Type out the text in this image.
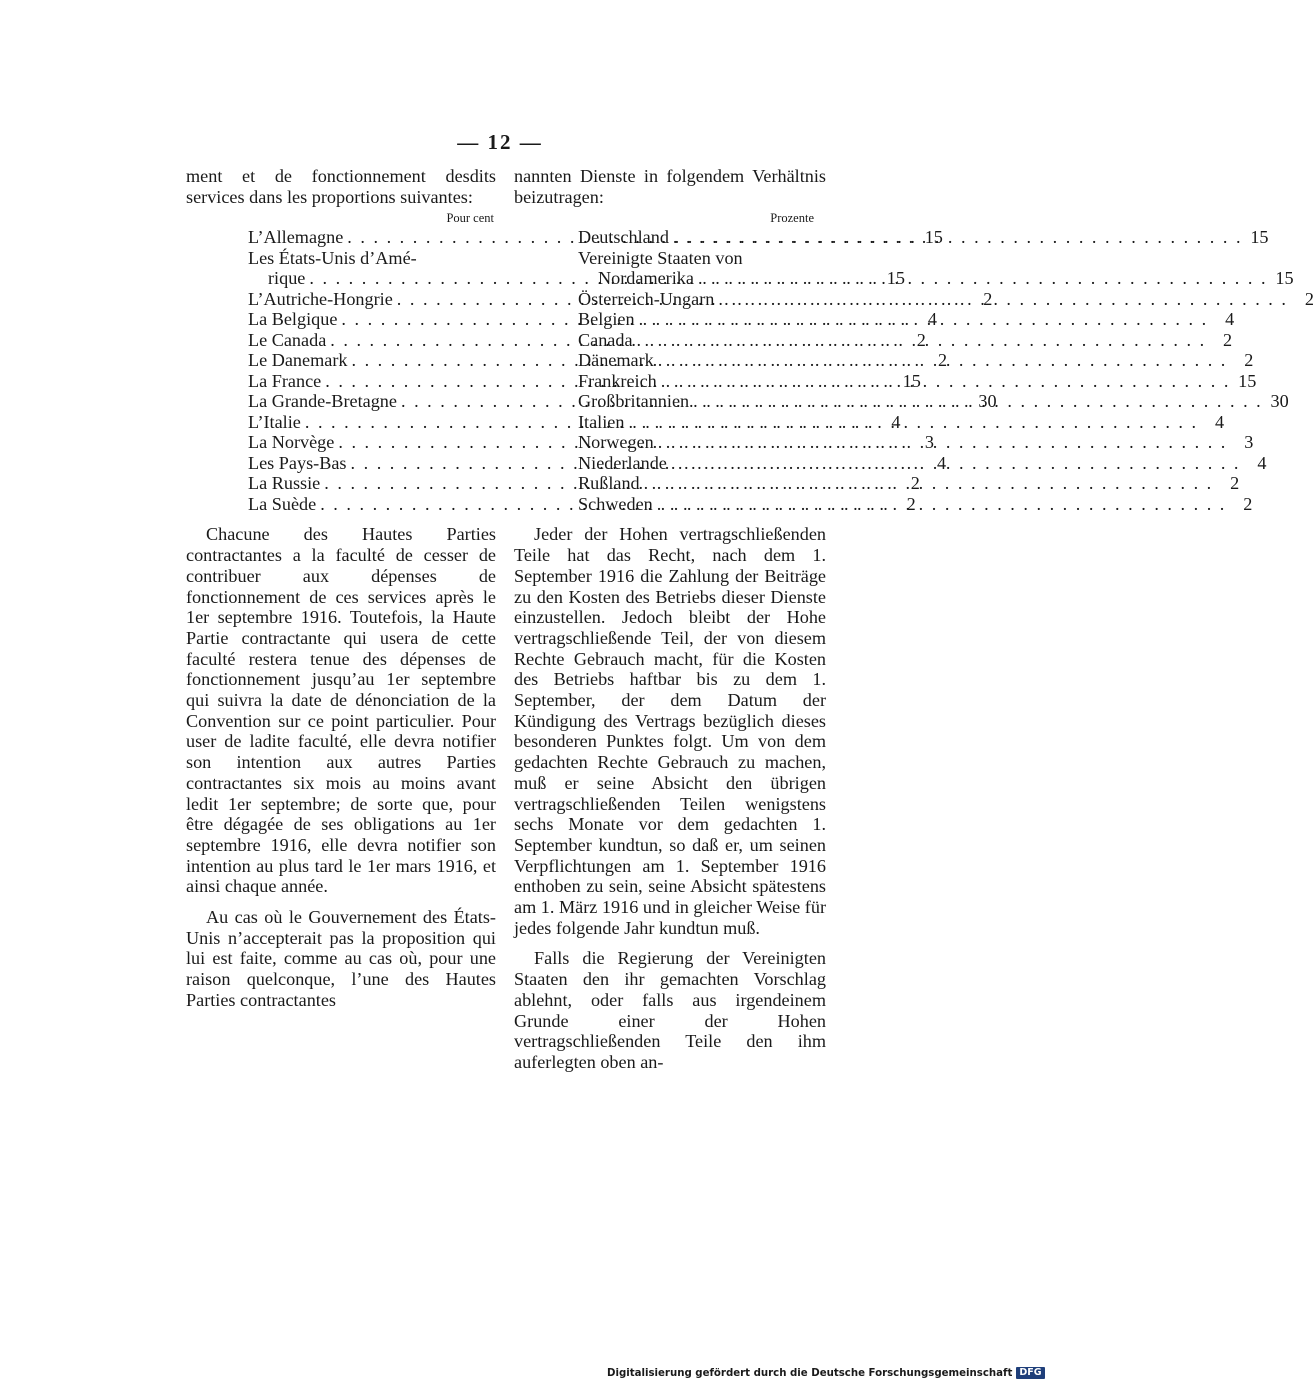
— 12 —

ment et de fonctionnement desdits services dans les proportions suivantes:

Pour cent
L’Allemagne . . .	15
Les États-Unis d’Amé-
rique . . .	15
L’Autriche-Hongrie . . .	2
La Belgique . . .	4
Le Canada . . .	2
Le Danemark . . .	2
La France . . .	15
La Grande-Bretagne . . .	30
L’Italie . . .	4
La Norvège . . .	3
Les Pays-Bas . . .	4
La Russie . . .	2
La Suède . . .	2

Chacune des Hautes Parties contractantes a la faculté de cesser de contribuer aux dépenses de fonctionnement de ces services après le 1er septembre 1916. Toutefois, la Haute Partie contractante qui usera de cette faculté restera tenue des dépenses de fonctionnement jusqu’au 1er septembre qui suivra la date de dénonciation de la Convention sur ce point particulier. Pour user de ladite faculté, elle devra notifier son intention aux autres Parties contractantes six mois au moins avant ledit 1er septembre; de sorte que, pour être dégagée de ses obligations au 1er septembre 1916, elle devra notifier son intention au plus tard le 1er mars 1916, et ainsi chaque année.

Au cas où le Gouvernement des États-Unis n’accepterait pas la proposition qui lui est faite, comme au cas où, pour une raison quelconque, l’une des Hautes Parties contractantes

nannten Dienste in folgendem Verhältnis beizutragen:

Prozente
Deutschland . . .	15
Vereinigte Staaten von
Nordamerika . . .	15
Österreich-Ungarn . . .	2
Belgien . . .	4
Canada . . .	2
Dänemark . . .	2
Frankreich . . .	15
Großbritannien . . .	30
Italien . . .	4
Norwegen . . .	3
Niederlande . . .	4
Rußland . . .	2
Schweden . . .	2

Jeder der Hohen vertragschließenden Teile hat das Recht, nach dem 1. September 1916 die Zahlung der Beiträge zu den Kosten des Betriebs dieser Dienste einzustellen. Jedoch bleibt der Hohe vertragschließende Teil, der von diesem Rechte Gebrauch macht, für die Kosten des Betriebs haftbar bis zu dem 1. September, der dem Datum der Kündigung des Vertrags bezüglich dieses besonderen Punktes folgt. Um von dem gedachten Rechte Gebrauch zu machen, muß er seine Absicht den übrigen vertragschließenden Teilen wenigstens sechs Monate vor dem gedachten 1. September kundtun, so daß er, um seinen Verpflichtungen am 1. September 1916 enthoben zu sein, seine Absicht spätestens am 1. März 1916 und in gleicher Weise für jedes folgende Jahr kundtun muß.

Falls die Regierung der Vereinigten Staaten den ihr gemachten Vorschlag ablehnt, oder falls aus irgendeinem Grunde einer der Hohen vertragschließenden Teile den ihm auferlegten oben an-

Digitalisierung gefördert durch die Deutsche Forschungsgemeinschaft DFG
